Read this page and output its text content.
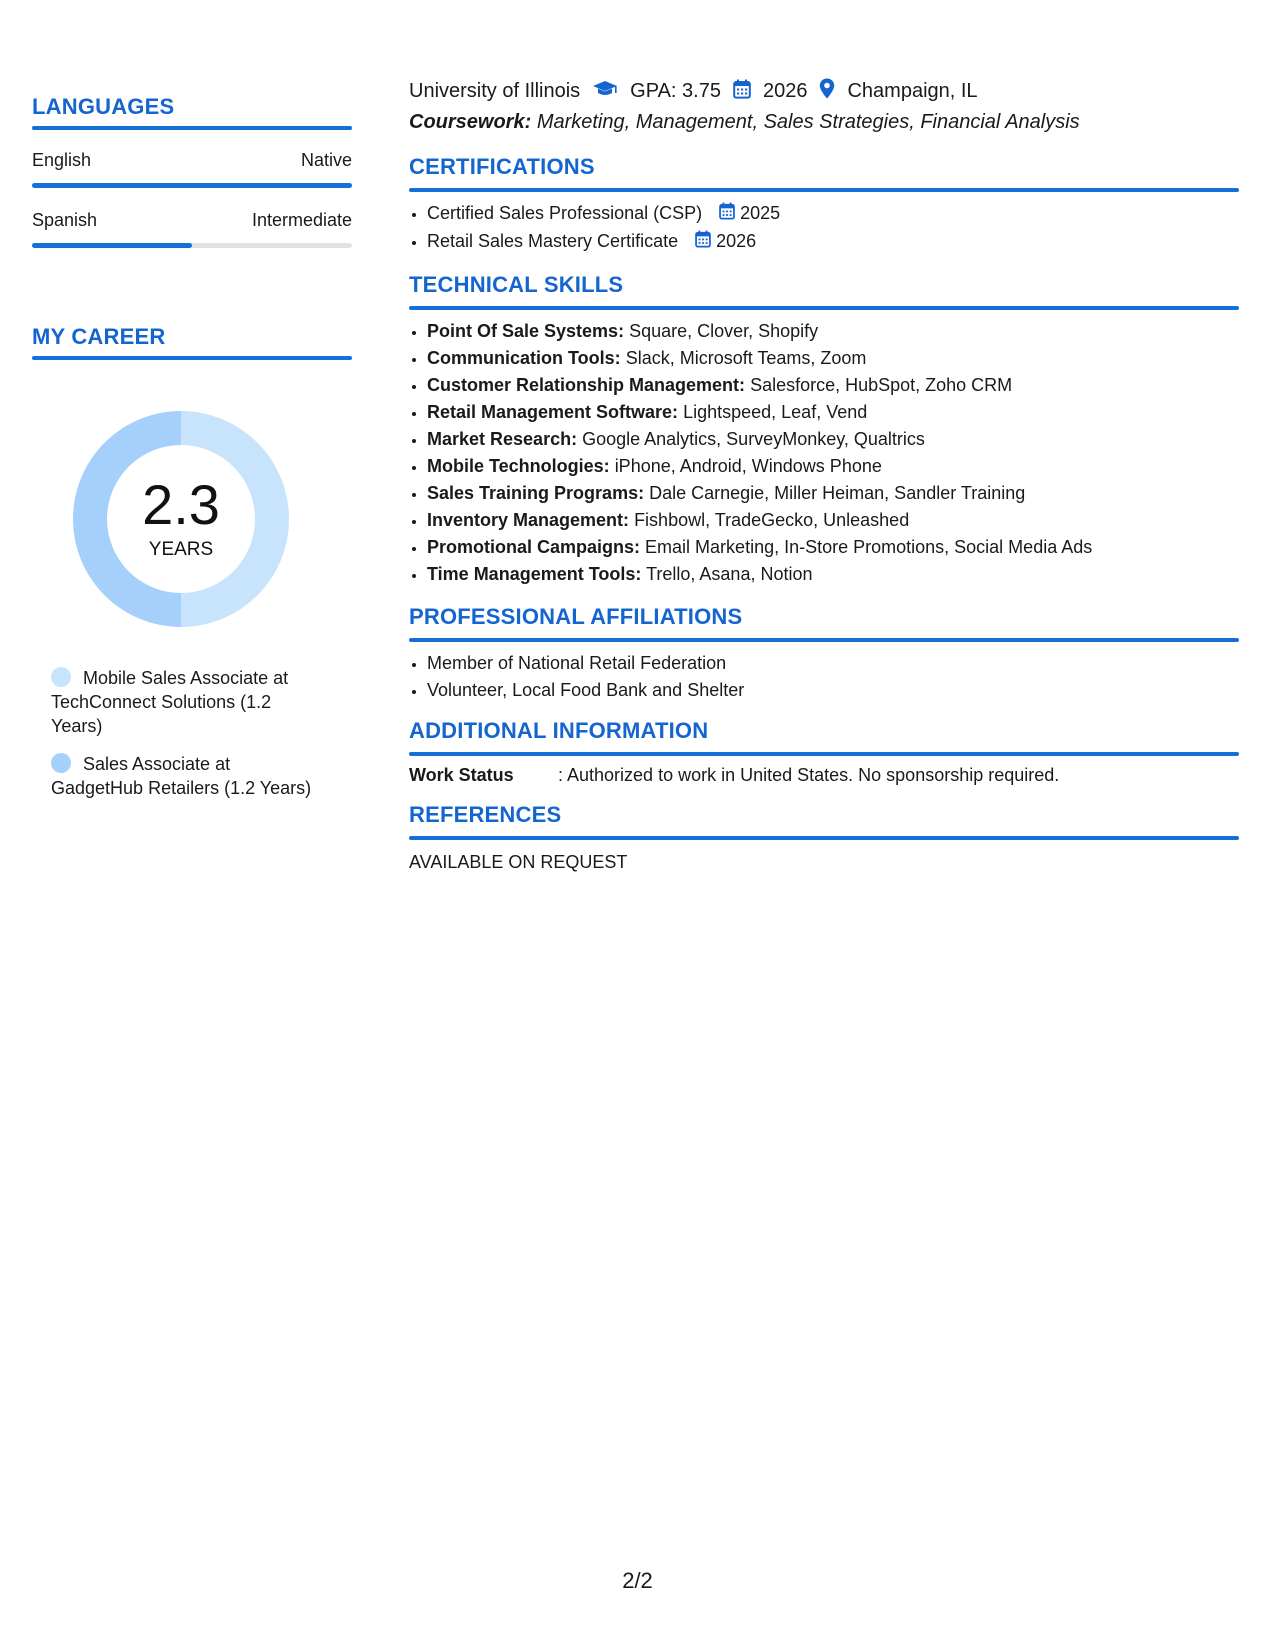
LANGUAGES
English	Native
Spanish	Intermediate
MY CAREER
2.3
YEARS
Mobile Sales Associate at TechConnect Solutions (1.2 Years)
Sales Associate at GadgetHub Retailers (1.2 Years)
University of Illinois	GPA: 3.75 2026 Champaign, IL
Coursework: Marketing, Management, Sales Strategies, Financial Analysis
CERTIFICATIONS
• Certified Sales Professional (CSP) 2025
• Retail Sales Mastery Certificate 2026
TECHNICAL SKILLS
• Point Of Sale Systems: Square, Clover, Shopify
• Communication Tools: Slack, Microsoft Teams, Zoom
• Customer Relationship Management: Salesforce, HubSpot, Zoho CRM
• Retail Management Software: Lightspeed, Leaf, Vend
• Market Research: Google Analytics, SurveyMonkey, Qualtrics
• Mobile Technologies: iPhone, Android, Windows Phone
• Sales Training Programs: Dale Carnegie, Miller Heiman, Sandler Training
• Inventory Management: Fishbowl, TradeGecko, Unleashed
• Promotional Campaigns: Email Marketing, In-Store Promotions, Social Media Ads
• Time Management Tools: Trello, Asana, Notion
PROFESSIONAL AFFILIATIONS
• Member of National Retail Federation
• Volunteer, Local Food Bank and Shelter
ADDITIONAL INFORMATION
Work Status	: Authorized to work in United States. No sponsorship required.
REFERENCES
AVAILABLE ON REQUEST
2/2
